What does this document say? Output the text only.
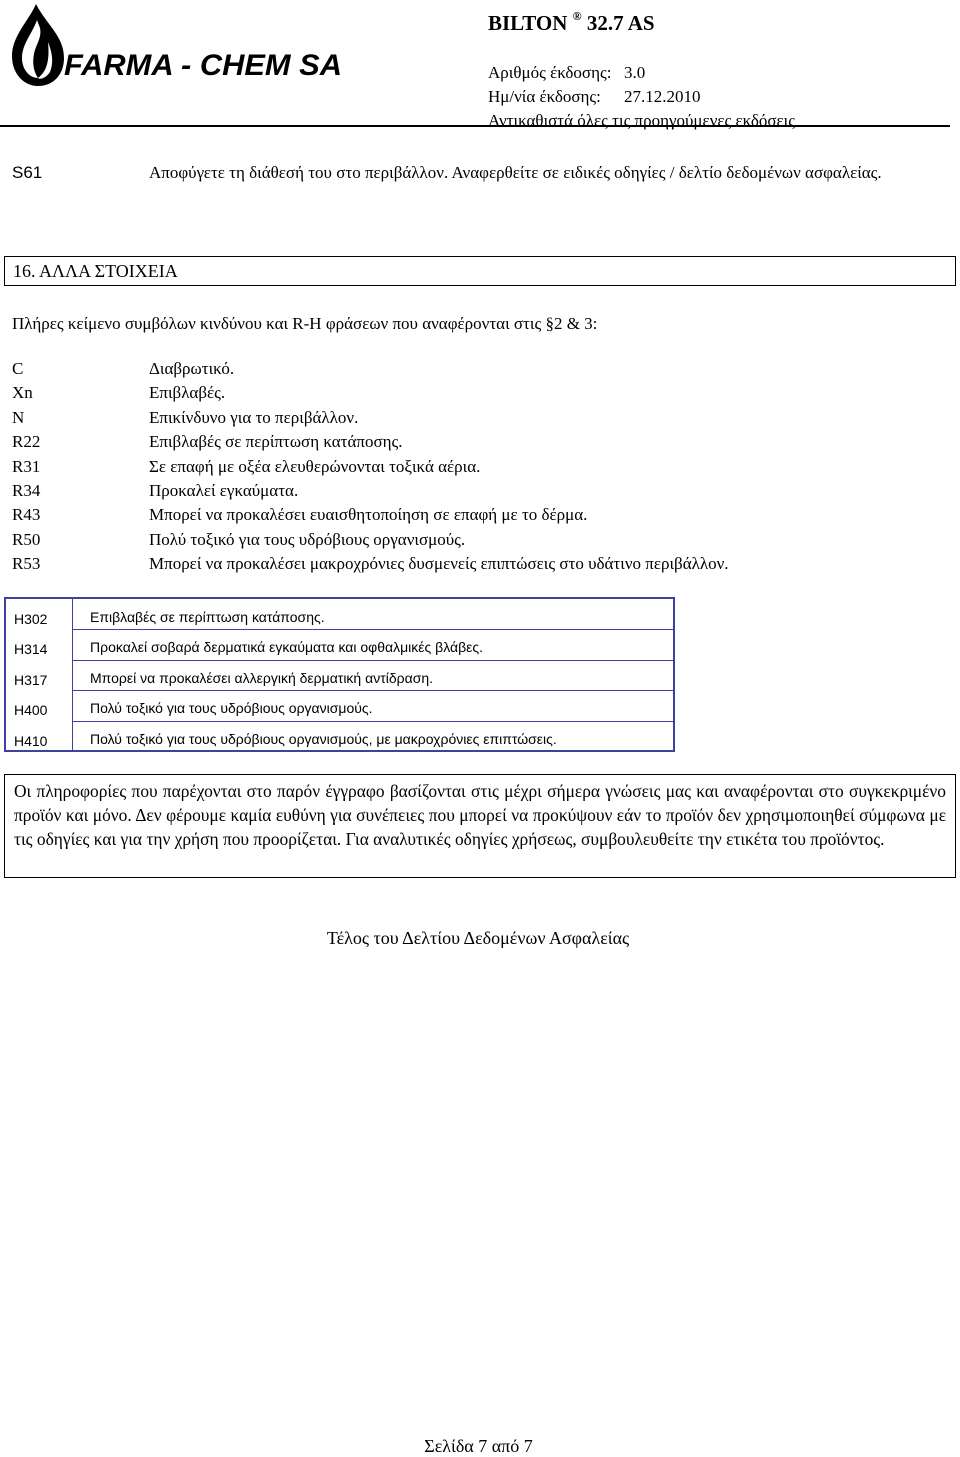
FARMA - CHEM SA
BILTON ® 32.7 AS
Αριθμός έκδοσης: 3.0
Ημ/νία έκδοσης: 27.12.2010
Αντικαθιστά όλες τις προηγούμενες εκδόσεις
S61	Αποφύγετε τη διάθεσή του στο περιβάλλον. Αναφερθείτε σε ειδικές οδηγίες / δελτίο δεδομένων ασφαλείας.
16. ΑΛΛΑ ΣΤΟΙΧΕΙΑ
Πλήρες κείμενο συμβόλων κινδύνου και R-H φράσεων που αναφέρονται στις §2 & 3:
C	Διαβρωτικό.
Xn	Επιβλαβές.
N	Επικίνδυνο για το περιβάλλον.
R22	Επιβλαβές σε περίπτωση κατάποσης.
R31	Σε επαφή με οξέα ελευθερώνονται τοξικά αέρια.
R34	Προκαλεί εγκαύματα.
R43	Μπορεί να προκαλέσει ευαισθητοποίηση σε επαφή με το δέρμα.
R50	Πολύ τοξικό για τους υδρόβιους οργανισμούς.
R53	Μπορεί να προκαλέσει μακροχρόνιες δυσμενείς επιπτώσεις στο υδάτινο περιβάλλον.
H302	Επιβλαβές σε περίπτωση κατάποσης.
H314	Προκαλεί σοβαρά δερματικά εγκαύματα και οφθαλμικές βλάβες.
H317	Μπορεί να προκαλέσει αλλεργική δερματική αντίδραση.
H400	Πολύ τοξικό για τους υδρόβιους οργανισμούς.
H410	Πολύ τοξικό για τους υδρόβιους οργανισμούς, με μακροχρόνιες επιπτώσεις.
Οι πληροφορίες που παρέχονται στο παρόν έγγραφο βασίζονται στις μέχρι σήμερα γνώσεις μας και αναφέρονται στο συγκεκριμένο προϊόν και μόνο. Δεν φέρουμε καμία ευθύνη για συνέπειες που μπορεί να προκύψουν εάν το προϊόν δεν χρησιμοποιηθεί σύμφωνα με τις οδηγίες και για την χρήση που προορίζεται. Για αναλυτικές οδηγίες χρήσεως, συμβουλευθείτε την ετικέτα του προϊόντος.
Τέλος του Δελτίου Δεδομένων Ασφαλείας
Σελίδα 7 από 7
